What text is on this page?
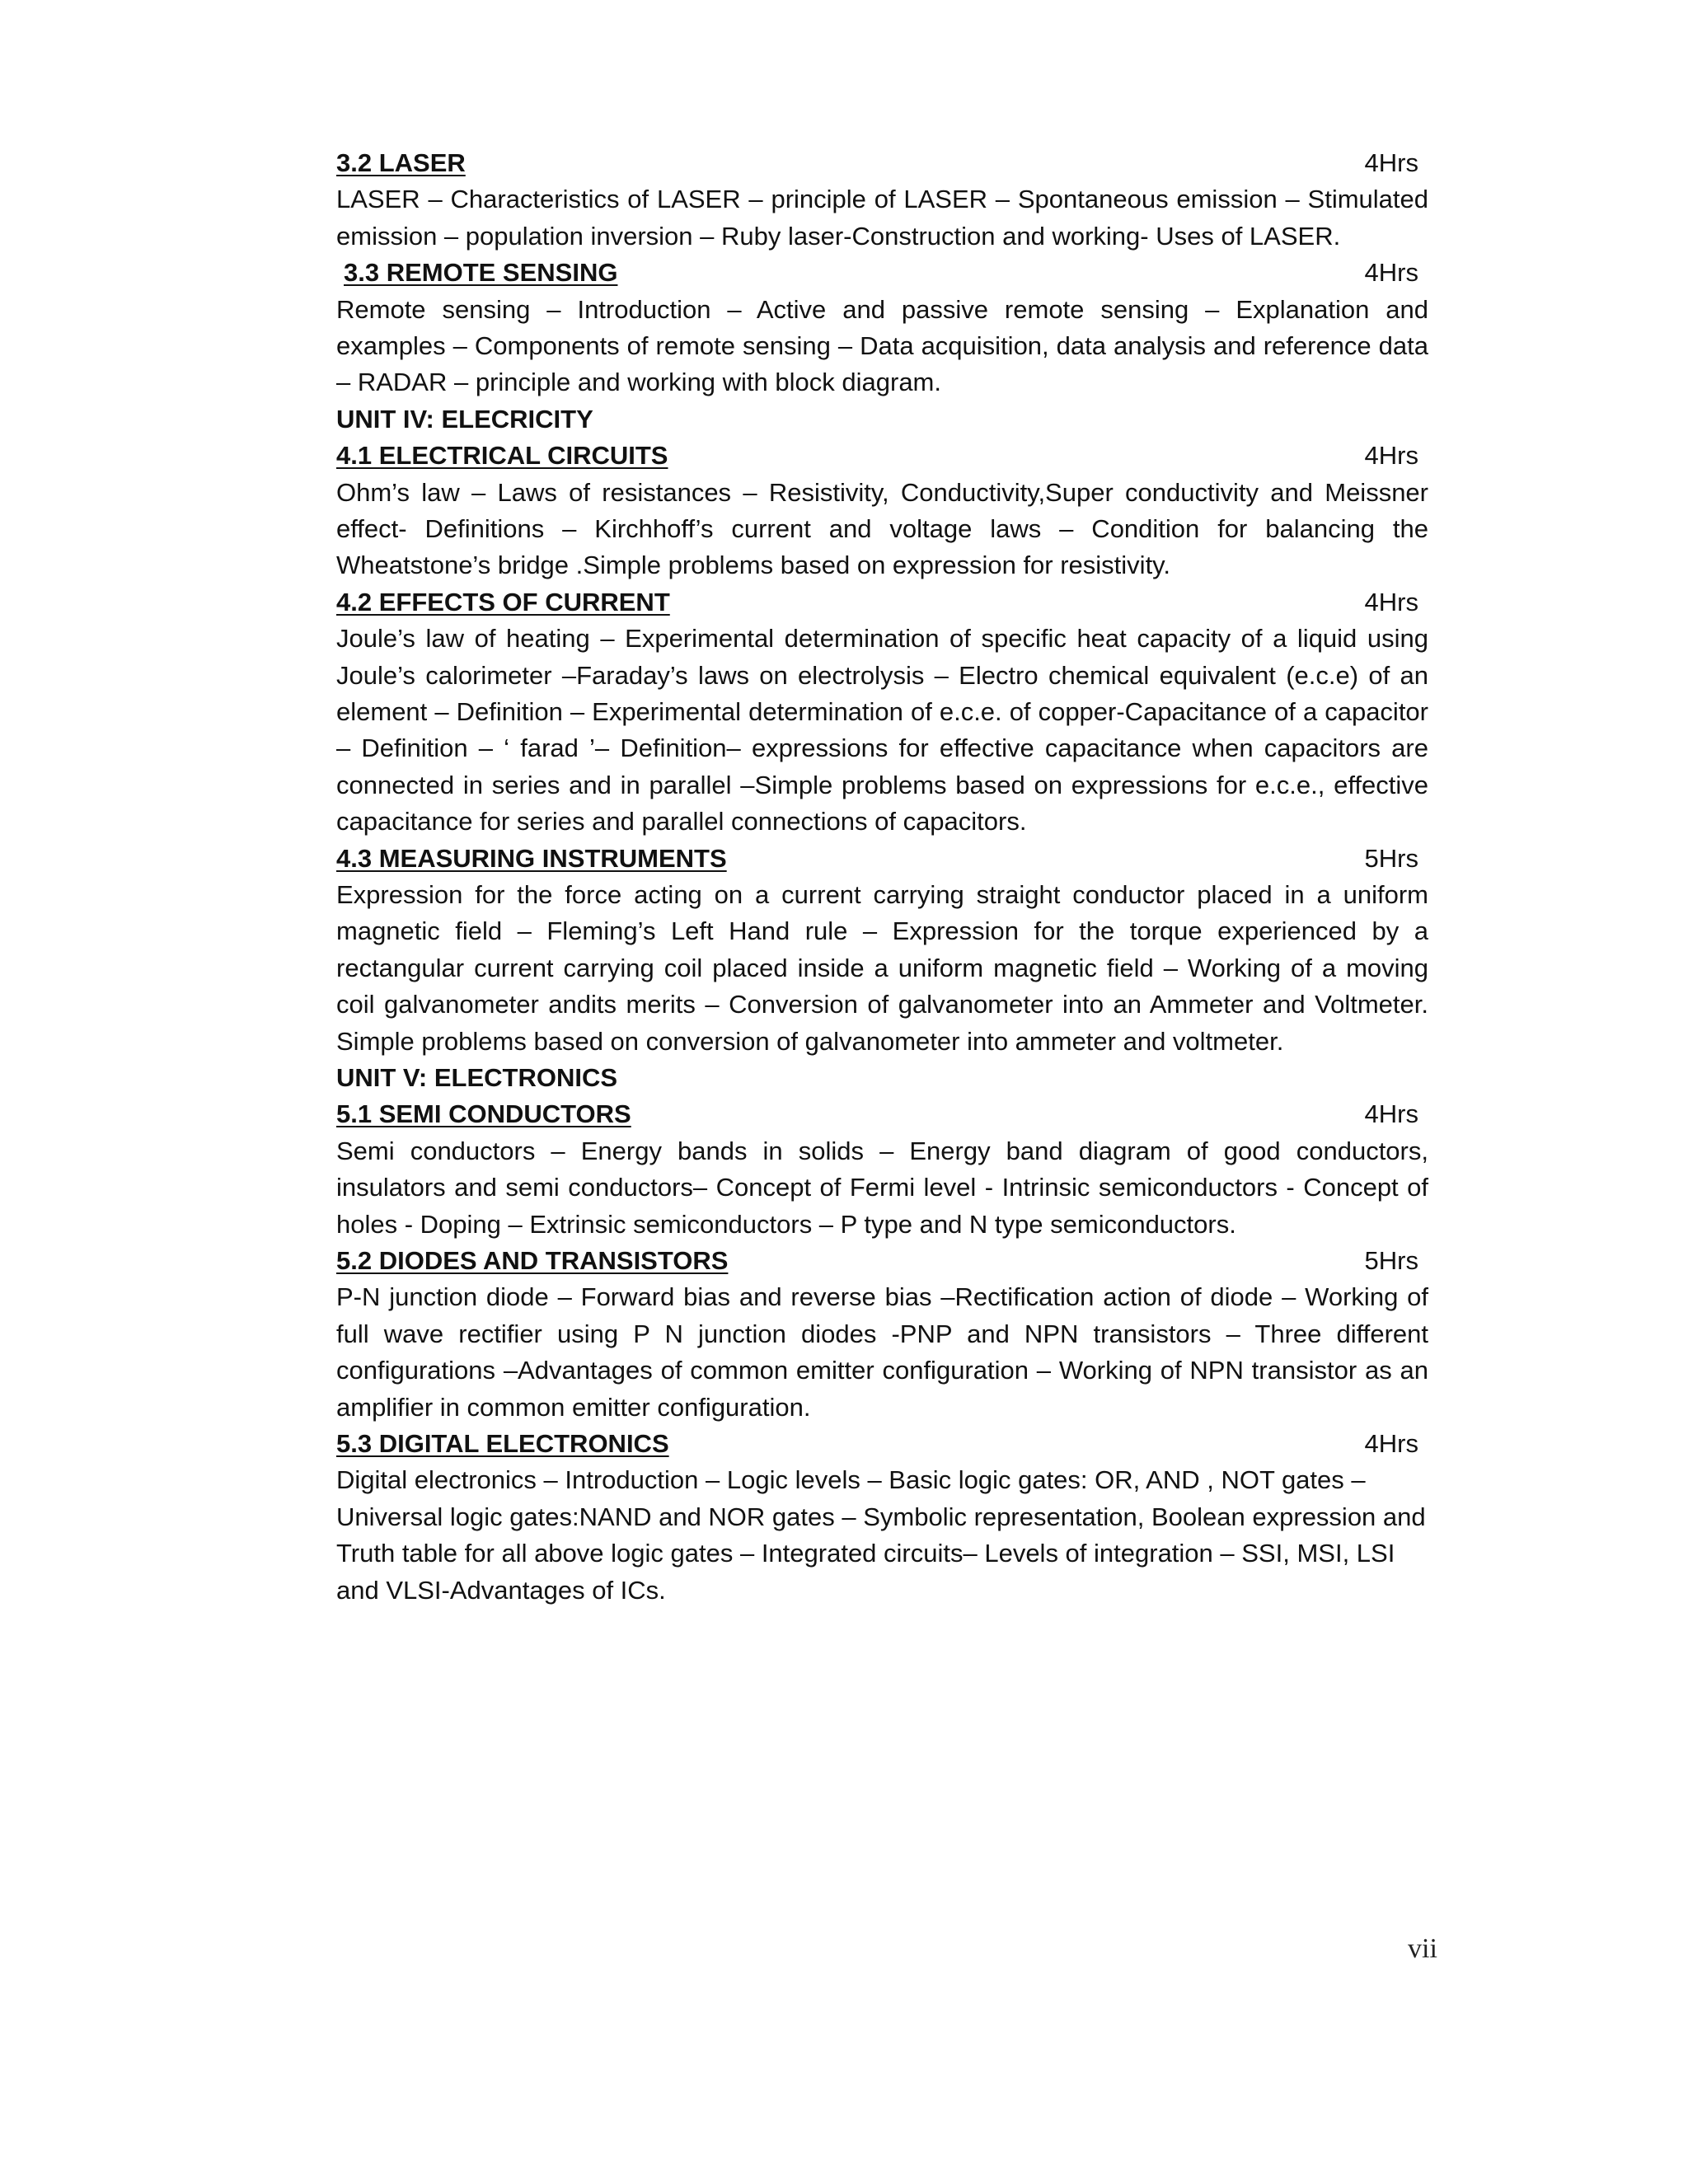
3.2 LASER	4Hrs

LASER – Characteristics of LASER – principle of LASER – Spontaneous emission – Stimulated emission – population inversion – Ruby laser-Construction and working- Uses of LASER.

3.3 REMOTE SENSING	4Hrs

Remote sensing – Introduction – Active and passive remote sensing – Explanation and examples – Components of remote sensing – Data acquisition, data analysis and reference data – RADAR – principle and working with block diagram.

UNIT IV: ELECRICITY
4.1 ELECTRICAL CIRCUITS	4Hrs

Ohm’s law – Laws of resistances – Resistivity, Conductivity,Super conductivity and Meissner effect- Definitions – Kirchhoff’s current and voltage laws – Condition for balancing the Wheatstone’s bridge .Simple problems based on expression for resistivity.

4.2 EFFECTS OF CURRENT	4Hrs

Joule’s law of heating – Experimental determination of specific heat capacity of a liquid using Joule’s calorimeter –Faraday’s laws on electrolysis – Electro chemical equivalent (e.c.e) of an element – Definition – Experimental determination of e.c.e. of copper-Capacitance of a capacitor – Definition – ‘ farad ’– Definition– expressions for effective capacitance when capacitors are connected in series and in parallel –Simple problems based on expressions for e.c.e., effective capacitance for series and parallel connections of capacitors.

4.3 MEASURING INSTRUMENTS	5Hrs

Expression for the force acting on a current carrying straight conductor placed in a uniform magnetic field – Fleming’s Left Hand rule – Expression for the torque experienced by a rectangular current carrying coil placed inside a uniform magnetic field – Working of a moving coil galvanometer andits merits – Conversion of galvanometer into an Ammeter and Voltmeter. Simple problems based on conversion of galvanometer into ammeter and voltmeter.

UNIT V: ELECTRONICS
5.1 SEMI CONDUCTORS	4Hrs

Semi conductors – Energy bands in solids – Energy band diagram of good conductors, insulators and semi conductors– Concept of Fermi level - Intrinsic semiconductors - Concept of holes - Doping – Extrinsic semiconductors – P type and N type semiconductors.

5.2 DIODES AND TRANSISTORS	5Hrs

P-N junction diode – Forward bias and reverse bias –Rectification action of diode – Working of full wave rectifier using P N junction diodes -PNP and NPN transistors – Three different configurations –Advantages of common emitter configuration – Working of NPN transistor as an amplifier in common emitter configuration.

5.3 DIGITAL ELECTRONICS	4Hrs

Digital electronics – Introduction – Logic levels – Basic logic gates: OR, AND , NOT gates – Universal logic gates:NAND and NOR gates – Symbolic representation, Boolean expression and Truth table for all above logic gates – Integrated circuits– Levels of integration – SSI, MSI, LSI and VLSI-Advantages of ICs.

vii
